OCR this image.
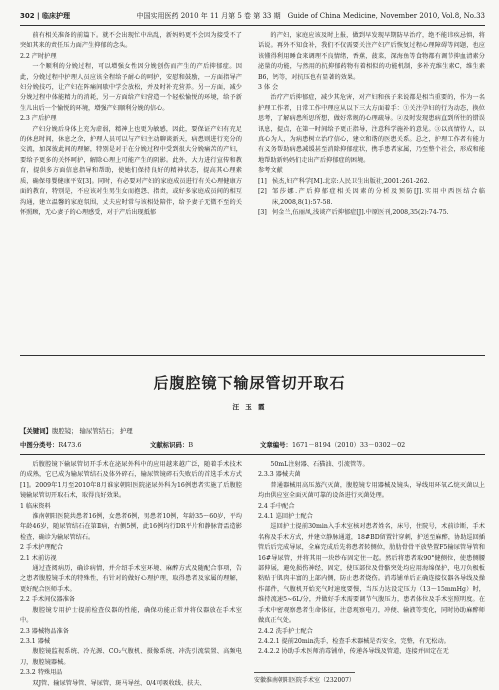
302 | 临床护理	中国实用医药 2010 年 11 月第 5 卷 第 33 期　Guide of China Medicine, November 2010, Vol.8, No.33

前有相关准备的前篇下。就不会出现忙中出乱，新妈妈更不会因为接受不了突如其来的责任压力面产生抑郁的念头。

2.2 产时护理

一个顺利的分娩过程，可以增强女性因分娩创伤而产生的产后抑郁症。因此，分娩过程中护理人员应该全程给予耐心的呵护，安慰和鼓励，一方面指导产妇分娩技巧，让产妇在阵痛间歇中学会放松，并及时补充营养。另一方面，减少分娩过程中体能精力的消耗，另一方面给产妇营造一个轻松愉悦的环境，给予新生儿出后一个愉悦的环境，增强产妇顺利分娩的信心。

2.3 产后护理

产妇分娩后身体上充为虚弱，精神上也更为敏感，因此，要保证产妇有充足的休息时间，休息之余，护理人员可以与产妇主动聊谈新天，病患则进行充分的交流，加深彼此间的理解，特别是对于在分娩过程中受到很大分娩痛苦的产妇，要给予更多的关怀呵护，解除心理上可能产生的阴影。此外，大力进行宣传和教育，提供多方面信息指导和帮助，使她们保持良好的精神状态，提高其心理素质，确保母婴健康平安[3]。同时，有必要对产妇的家庭成员进行有关心理健康方面的教育，特别是，不应该对生男生女而抱怨、指责，或好多家庭成员间的相互沟通，建立温馨的家庭氛围，丈夫应时常与该相处陪伴，给予妻子无微不至的关怀照顾，无心妻子的心理感受，对于产后出现抵郁

的产妇，家庭应该及时上报，做到早发现早期防早治疗，绝不能讳疾忌慎，将话说。再外不知食补，我们不仅需要关注产妇产后恢复过程心理障碍等问题，也应该懂得利用睡食来调理不良情绪，香蕉，菠菜，深海鱼等食物都有调节抑血清素分泌量的功能，与然用的抗抑郁药物有着相似的功能机制，多补充维生素C，维生素B6，钙等，对抗压也有显著的效果。

3 体 会

治疗产后抑郁症，减少其危害，对产妇和孩子来说都是相当重要的，作为一名护理工作者，日常工作中理应从以下三大方面着手：①关注孕妇的行为动态，换位思考，了解病患所思所想，做好常规的心理疏导。②及时发现患病直到所往的错误讯息，提点，在第一时间给予更正指导，注意科学施补的意见。③以真情待人，以真心为人，为病患树立治疗信心，建立和谐的医患关系。总之，护理工作者有能力有义务帮助病患减缓甚至消除抑郁症状，携手患者家属，乃至整个社会，形成和能地帮助新妈妈们走出产后抑郁症的困境。

参考文献

[1] 侯杰,妇产科学[M].北京:人民卫生出版社,2001:261-262.

[2] 邹莎娜.产后抑郁症相关因素的分析及预防[J].实用中西医结合临床,2008,8(1):57-58.

[3] 何金兰,伍丽凤,浅谈产后抑郁症[J].中原医刊,2008,35(2):74-75.

后腹腔镜下输尿管切开取石
汪 玉 霞
【关键词】腹腔镜； 输尿管结石； 护理
中图分类号：R473.6	文献标识码：B	文章编号：1671－8194（2010）33－0302－02

后腹腔镜下输尿管切开手术在泌尿外科中的应用越来越广泛，随着手术技术的成熟，它已成为输尿管结石及体外碎石，输尿管镜碎石失败后的首选手术方式[1]。2009年1月至2010年8月谁家朝阳医院泌尿外科为16例患者实施了后腹腔镜输尿管切开取石术，取得良好效果。

1 临床资料

淮南朝阳医院共患者16例，女患者6例，男患者10例，年龄35～60岁，平均年龄46岁，随尿管结石在第Ⅱ病，右侧5例，此16例均行DR平片和静脉肾盂造影检查，确诊为输尿管结石。

2 手术护理配合

2.1 术前访视

通过查阅病历，确诊病情，并介绍手术室环境、麻醉方式及随配合事项，告之患者腹腔镜手术的特殊性，有针对的做好心理护理，取得患者及家属的理解，更好配合医师手术。

2.2 手术间仪器准备

腹腔镜专用护士提前检查仪器的性能，确保功能正常并将仪器放在手术室中。

2.3 器械物品准备

2.3.1 器械

腹腔镜监视系统、冷光源、CO₂气腹机、摄像系统、冲洗引流装置、高频电刀，腹腔镜器械。

2.3.2 特殊用品

双J管、输尿管导管、导尿管，斑马导丝、0/4可吸收线、扶夫、

50mL注射器、石猫油、引流管等。

2.3.3 器械夫菌

普通器械用高压蒸汽灭菌，腹腔镜专用器械及镜头，导线用环氧乙烷灭菌以上均由供应室全面灭菌可靠的设备进行灭菌处理。

2.4 手中配合

2.4.1 巡回护士配合

巡回护士提前30min入手术室核对患者姓名，床号，住院号，术前诊断，手术名称及手术方式，并建立静脉通道，18#BD留置针穿刺，护送至麻醉，协助巡回插管后后完成导尿，全麻完成后先将患者转侧位，肋肋骨骨平放垫置F5输尿管导管和 16#导尿管，并将其用一块纱布固定住一起。然后将患者取90°健侧位，使患侧腰部伸展，避免损伤神经，固定，使压部位及骨骼突处均应用海绵保护，电刀负极板粘贴于肌肉丰富的上部内侧，防止患者烧伤。消毒铺单后正确连接仪器各导线及操作部件，气腹机开始充气时速度要慢，当压力达设定压力（13～15mmHg）时，维持流速5~6L/分，并做好手术需要调节气腹压力，患者体位及手术室照明度。在手术中密观察患者生命体征，注意观察电刀，冲便、输液等变化，同时协助麻醉师做真正气处。

2.4.2 洗手护士配合

2.4.2.1 提前20min洗手，检查手术器械是否安全，完整，有无松动。

2.4.2.2 协助手术医师消毒铺单，传递各导线及管道，连接并固定在无

安徽淮南朝阳医院手术室（232007）
